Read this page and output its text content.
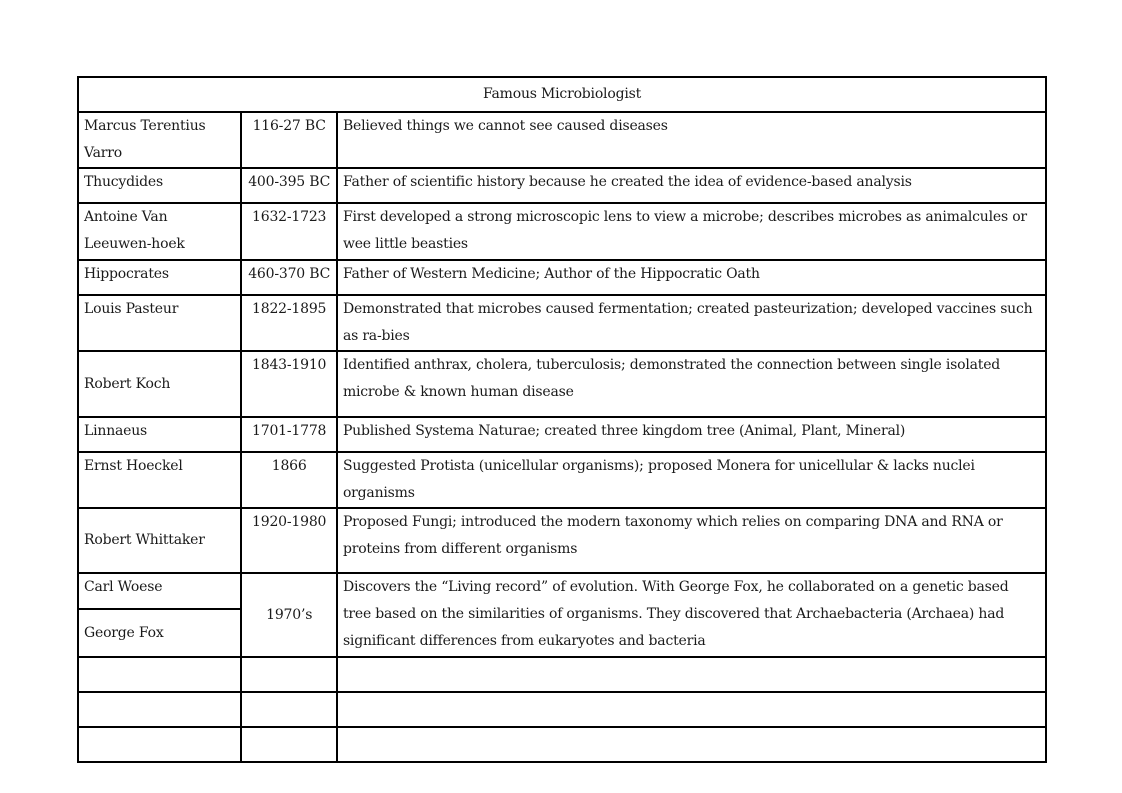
Famous Microbiologist		
Marcus Terentius Varro	116-27 BC	Believed things we cannot see caused diseases
Thucydides	400-395 BC	Father of scientific history because he created the idea of evidence-based analysis
Antoine Van Leeuwen-hoek	1632-1723	First developed a strong microscopic lens to view a microbe; describes microbes as animalcules or wee little beasties
Hippocrates	460-370 BC	Father of Western Medicine; Author of the Hippocratic Oath
Louis Pasteur	1822-1895	Demonstrated that microbes caused fermentation; created pasteurization; developed vaccines such as ra-bies
Robert Koch	1843-1910	Identified anthrax, cholera, tuberculosis; demonstrated the connection between single isolated microbe & known human disease
Linnaeus	1701-1778	Published Systema Naturae; created three kingdom tree (Animal, Plant, Mineral)
Ernst Hoeckel	1866	Suggested Protista (unicellular organisms); proposed Monera for unicellular & lacks nuclei organisms
Robert Whittaker	1920-1980	Proposed Fungi; introduced the modern taxonomy which relies on comparing DNA and RNA or proteins from different organisms
Carl Woese	1970’s	Discovers the “Living record” of evolution. With George Fox, he collaborated on a genetic based tree based on the similarities of organisms. They discovered that Archaebacteria (Archaea) had significant differences from eukaryotes and bacteria
George Fox		
